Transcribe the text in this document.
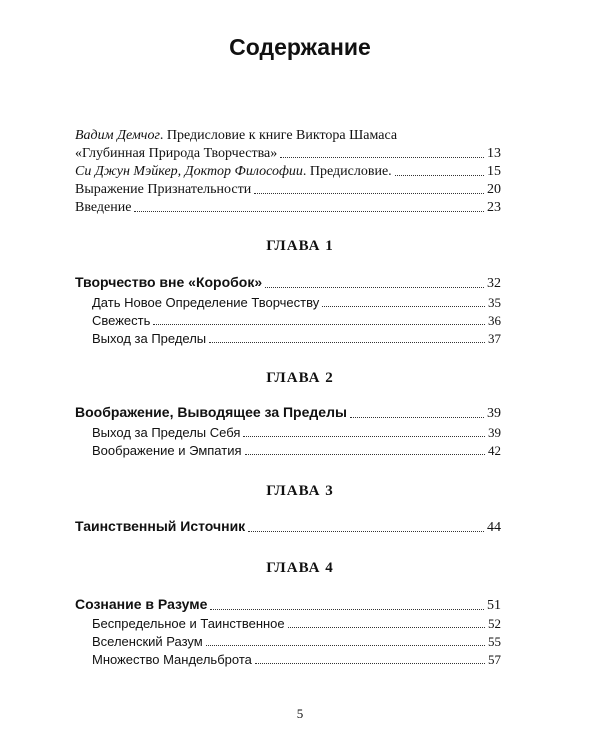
Содержание
Вадим Демчог. Предисловие к книге Виктора Шамаса
«Глубинная Природа Творчества»	13
Си Джун Мэйкер, Доктор Философии. Предисловие.	15
Выражение Признательности	20
Введение	23
ГЛАВА 1
Творчество вне «Коробок»	32
Дать Новое Определение Творчеству	35
Свежесть	36
Выход за Пределы	37
ГЛАВА 2
Воображение, Выводящее за Пределы	39
Выход за Пределы Себя	39
Воображение и Эмпатия	42
ГЛАВА 3
Таинственный Источник	44
ГЛАВА 4
Сознание в Разуме	51
Беспредельное и Таинственное	52
Вселенский Разум	55
Множество Мандельброта	57
5
